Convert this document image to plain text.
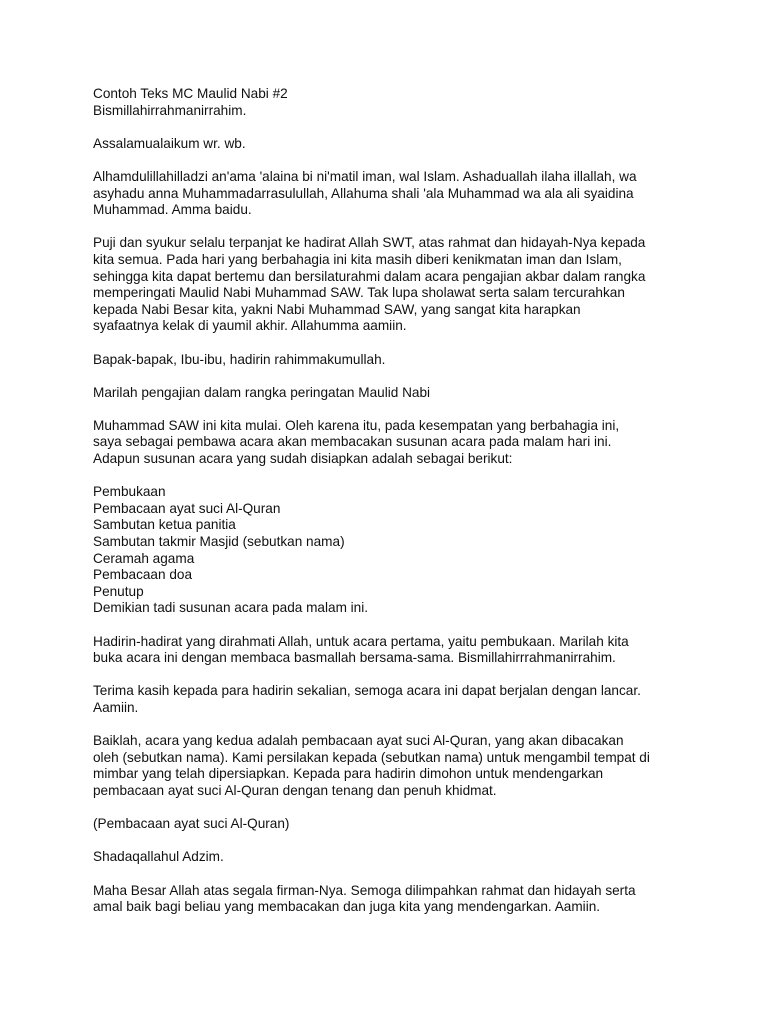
Contoh Teks MC Maulid Nabi #2
Bismillahirrahmanirrahim.
Assalamualaikum wr. wb.
Alhamdulillahilladzi an'ama 'alaina bi ni'matil iman, wal Islam. Ashaduallah ilaha illallah, wa
asyhadu anna Muhammadarrasulullah, Allahuma shali 'ala Muhammad wa ala ali syaidina
Muhammad. Amma baidu.
Puji dan syukur selalu terpanjat ke hadirat Allah SWT, atas rahmat dan hidayah-Nya kepada
kita semua. Pada hari yang berbahagia ini kita masih diberi kenikmatan iman dan Islam,
sehingga kita dapat bertemu dan bersilaturahmi dalam acara pengajian akbar dalam rangka
memperingati Maulid Nabi Muhammad SAW. Tak lupa sholawat serta salam tercurahkan
kepada Nabi Besar kita, yakni Nabi Muhammad SAW, yang sangat kita harapkan
syafaatnya kelak di yaumil akhir. Allahumma aamiin.
Bapak-bapak, Ibu-ibu, hadirin rahimmakumullah.
Marilah pengajian dalam rangka peringatan Maulid Nabi
Muhammad SAW ini kita mulai. Oleh karena itu, pada kesempatan yang berbahagia ini,
saya sebagai pembawa acara akan membacakan susunan acara pada malam hari ini.
Adapun susunan acara yang sudah disiapkan adalah sebagai berikut:
Pembukaan
Pembacaan ayat suci Al-Quran
Sambutan ketua panitia
Sambutan takmir Masjid (sebutkan nama)
Ceramah agama
Pembacaan doa
Penutup
Demikian tadi susunan acara pada malam ini.
Hadirin-hadirat yang dirahmati Allah, untuk acara pertama, yaitu pembukaan. Marilah kita
buka acara ini dengan membaca basmallah bersama-sama. Bismillahirrrahmanirrahim.
Terima kasih kepada para hadirin sekalian, semoga acara ini dapat berjalan dengan lancar.
Aamiin.
Baiklah, acara yang kedua adalah pembacaan ayat suci Al-Quran, yang akan dibacakan
oleh (sebutkan nama). Kami persilakan kepada (sebutkan nama) untuk mengambil tempat di
mimbar yang telah dipersiapkan. Kepada para hadirin dimohon untuk mendengarkan
pembacaan ayat suci Al-Quran dengan tenang dan penuh khidmat.
(Pembacaan ayat suci Al-Quran)
Shadaqallahul Adzim.
Maha Besar Allah atas segala firman-Nya. Semoga dilimpahkan rahmat dan hidayah serta
amal baik bagi beliau yang membacakan dan juga kita yang mendengarkan. Aamiin.
